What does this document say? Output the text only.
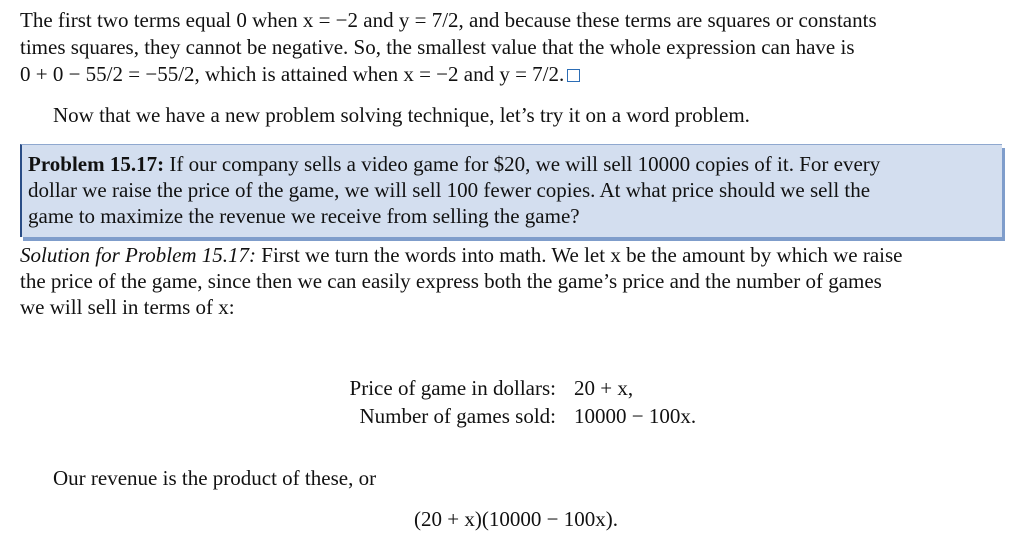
The first two terms equal 0 when x = −2 and y = 7/2, and because these terms are squares or constants
times squares, they cannot be negative. So, the smallest value that the whole expression can have is
0 + 0 − 55/2 = −55/2, which is attained when x = −2 and y = 7/2.
Now that we have a new problem solving technique, let’s try it on a word problem.
Problem 15.17: If our company sells a video game for $20, we will sell 10000 copies of it. For every
dollar we raise the price of the game, we will sell 100 fewer copies. At what price should we sell the
game to maximize the revenue we receive from selling the game?
Solution for Problem 15.17: First we turn the words into math. We let x be the amount by which we raise
the price of the game, since then we can easily express both the game’s price and the number of games
we will sell in terms of x:
Price of game in dollars: 20 + x,
Number of games sold: 10000 − 100x.
Our revenue is the product of these, or
(20 + x)(10000 − 100x).
